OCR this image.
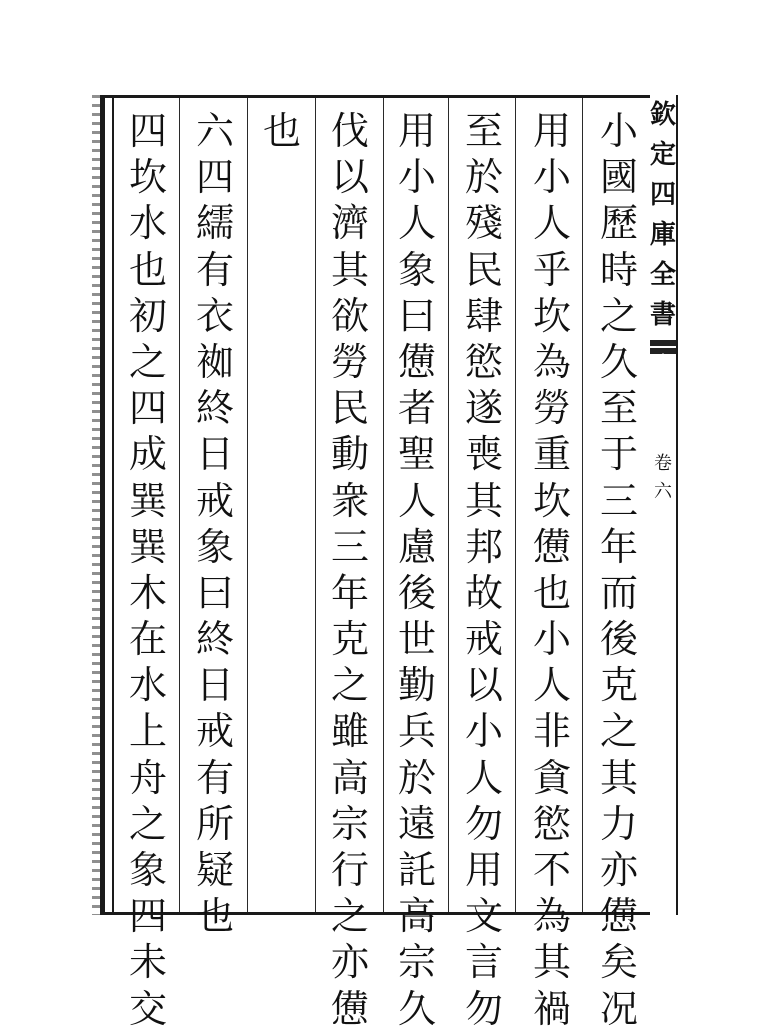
欽
定
四
庫
全
書
卷
六
小
國
歷
時
之
久
至
于
三
年
而
後
克
之
其
力
亦
憊
矣
况
用
小
人
乎
坎
為
勞
重
坎
憊
也
小
人
非
貪
慾
不
為
其
禍
至
於
殘
民
肆
慾
遂
喪
其
邦
故
戒
以
小
人
勿
用
文
言
勿
用
小
人
象
曰
憊
者
聖
人
慮
後
世
勤
兵
於
遠
託
高
宗
久
伐
以
濟
其
欲
勞
民
動
衆
三
年
克
之
雖
高
宗
行
之
亦
憊
也
六
四
繻
有
衣
袽
終
日
戒
象
曰
終
日
戒
有
所
疑
也
四
坎
水
也
初
之
四
成
巽
巽
木
在
水
上
舟
之
象
四
未
交
